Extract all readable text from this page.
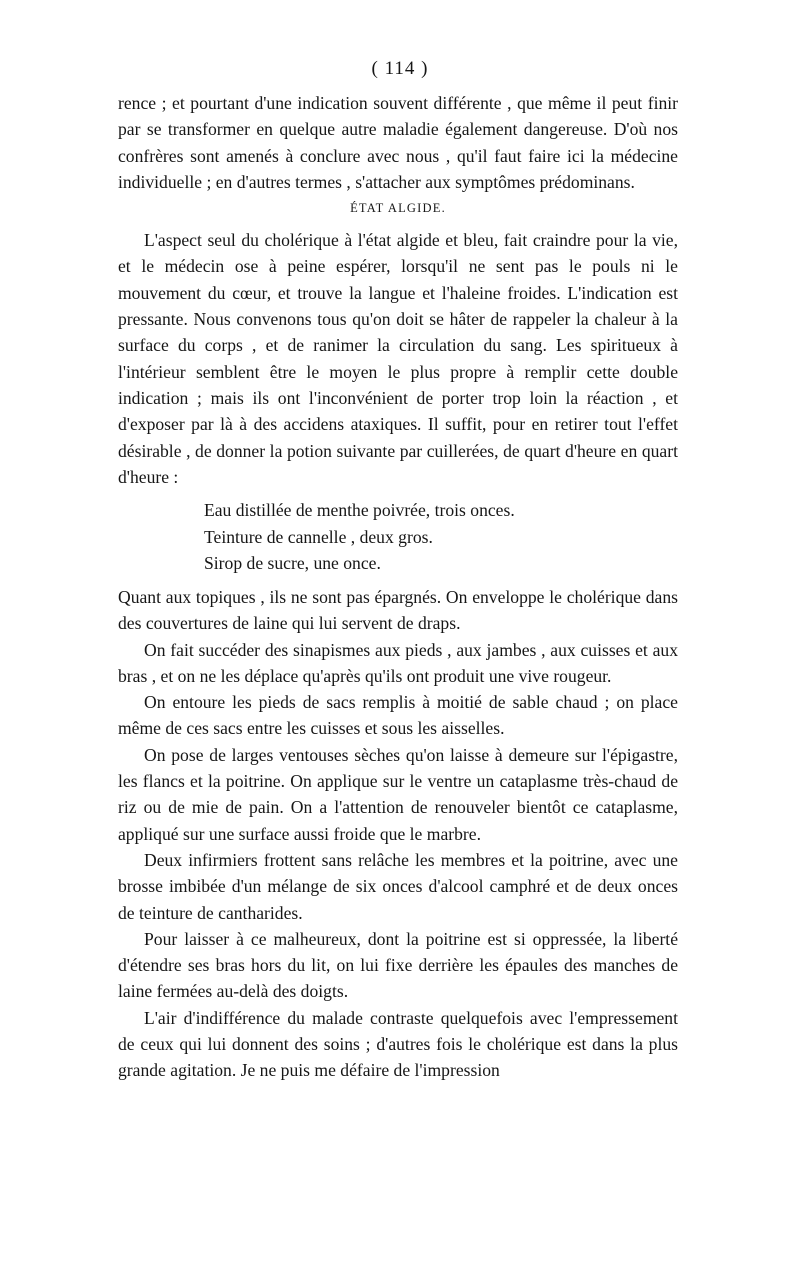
( 114 )

rence ; et pourtant d'une indication souvent différente , que même il peut finir par se transformer en quelque autre maladie également dangereuse. D'où nos confrères sont amenés à conclure avec nous , qu'il faut faire ici la médecine individuelle ; en d'autres termes , s'attacher aux symptômes prédominans.

ÉTAT ALGIDE.

L'aspect seul du cholérique à l'état algide et bleu, fait craindre pour la vie, et le médecin ose à peine espérer, lorsqu'il ne sent pas le pouls ni le mouvement du cœur, et trouve la langue et l'haleine froides. L'indication est pressante. Nous convenons tous qu'on doit se hâter de rappeler la chaleur à la surface du corps , et de ranimer la circulation du sang. Les spiritueux à l'intérieur semblent être le moyen le plus propre à remplir cette double indication ; mais ils ont l'inconvénient de porter trop loin la réaction , et d'exposer par là à des accidens ataxiques. Il suffit, pour en retirer tout l'effet désirable , de donner la potion suivante par cuillerées, de quart d'heure en quart d'heure :

Eau distillée de menthe poivrée, trois onces.
Teinture de cannelle , deux gros.
Sirop de sucre, une once.

Quant aux topiques , ils ne sont pas épargnés. On enveloppe le cholérique dans des couvertures de laine qui lui servent de draps.

On fait succéder des sinapismes aux pieds , aux jambes , aux cuisses et aux bras , et on ne les déplace qu'après qu'ils ont produit une vive rougeur.

On entoure les pieds de sacs remplis à moitié de sable chaud ; on place même de ces sacs entre les cuisses et sous les aisselles.

On pose de larges ventouses sèches qu'on laisse à demeure sur l'épigastre, les flancs et la poitrine. On applique sur le ventre un cataplasme très-chaud de riz ou de mie de pain. On a l'attention de renouveler bientôt ce cataplasme, appliqué sur une surface aussi froide que le marbre.

Deux infirmiers frottent sans relâche les membres et la poitrine, avec une brosse imbibée d'un mélange de six onces d'alcool camphré et de deux onces de teinture de cantharides.

Pour laisser à ce malheureux, dont la poitrine est si oppressée, la liberté d'étendre ses bras hors du lit, on lui fixe derrière les épaules des manches de laine fermées au-delà des doigts.

L'air d'indifférence du malade contraste quelquefois avec l'empressement de ceux qui lui donnent des soins ; d'autres fois le cholérique est dans la plus grande agitation. Je ne puis me défaire de l'impression
